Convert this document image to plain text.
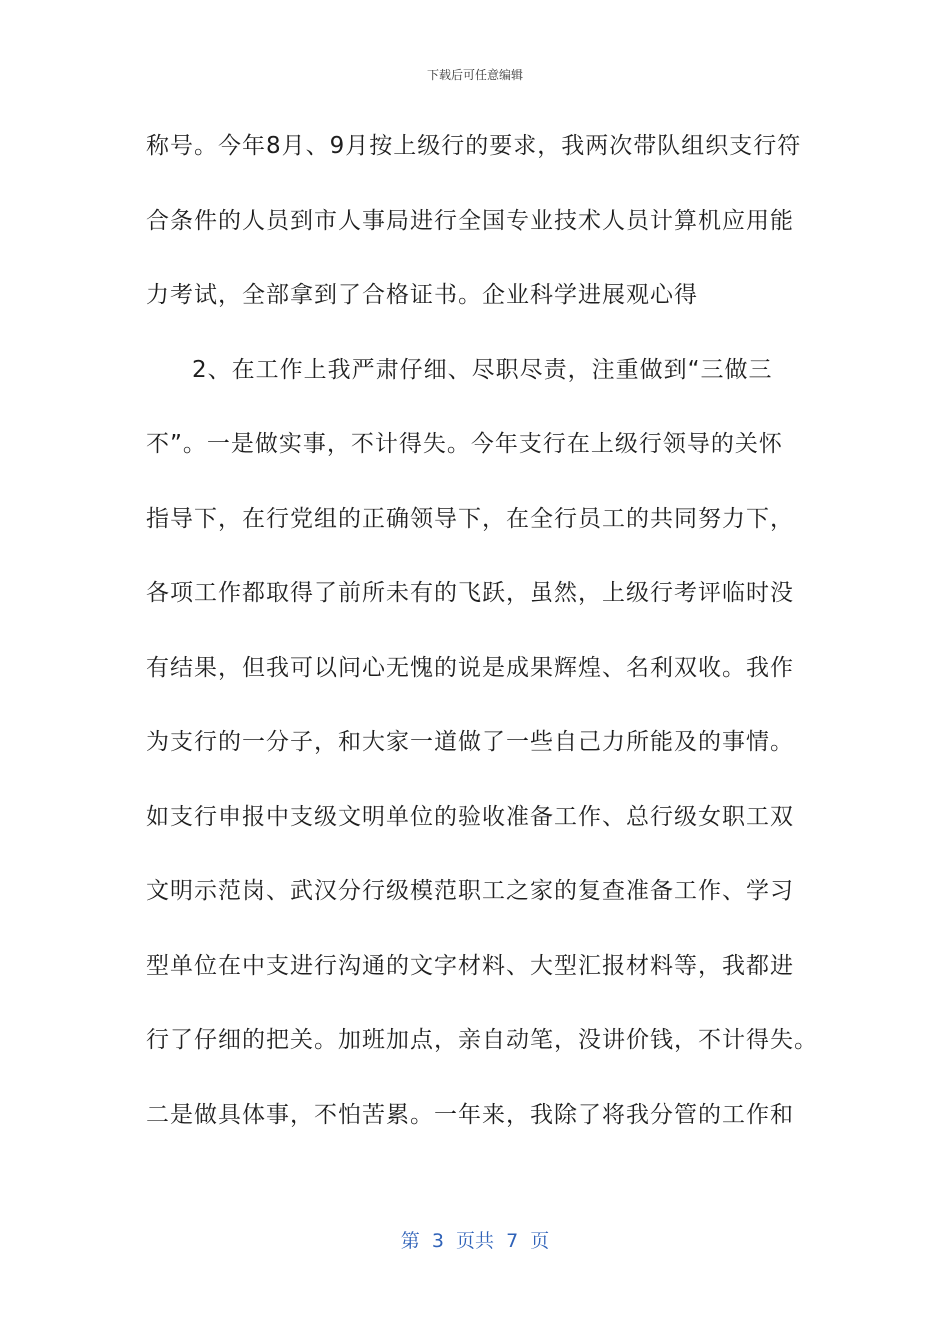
下载后可任意编辑
称号。今年8月、9月按上级行的要求，我两次带队组织支行符
合条件的人员到市人事局进行全国专业技术人员计算机应用能
力考试，全部拿到了合格证书。企业科学进展观心得
2、在工作上我严肃仔细、尽职尽责，注重做到“三做三
不”。一是做实事，不计得失。今年支行在上级行领导的关怀
指导下，在行党组的正确领导下，在全行员工的共同努力下，
各项工作都取得了前所未有的飞跃，虽然，上级行考评临时没
有结果，但我可以问心无愧的说是成果辉煌、名利双收。我作
为支行的一分子，和大家一道做了一些自己力所能及的事情。
如支行申报中支级文明单位的验收准备工作、总行级女职工双
文明示范岗、武汉分行级模范职工之家的复查准备工作、学习
型单位在中支进行沟通的文字材料、大型汇报材料等，我都进
行了仔细的把关。加班加点，亲自动笔，没讲价钱，不计得失。
二是做具体事，不怕苦累。一年来，我除了将我分管的工作和
第  3  页共  7  页
